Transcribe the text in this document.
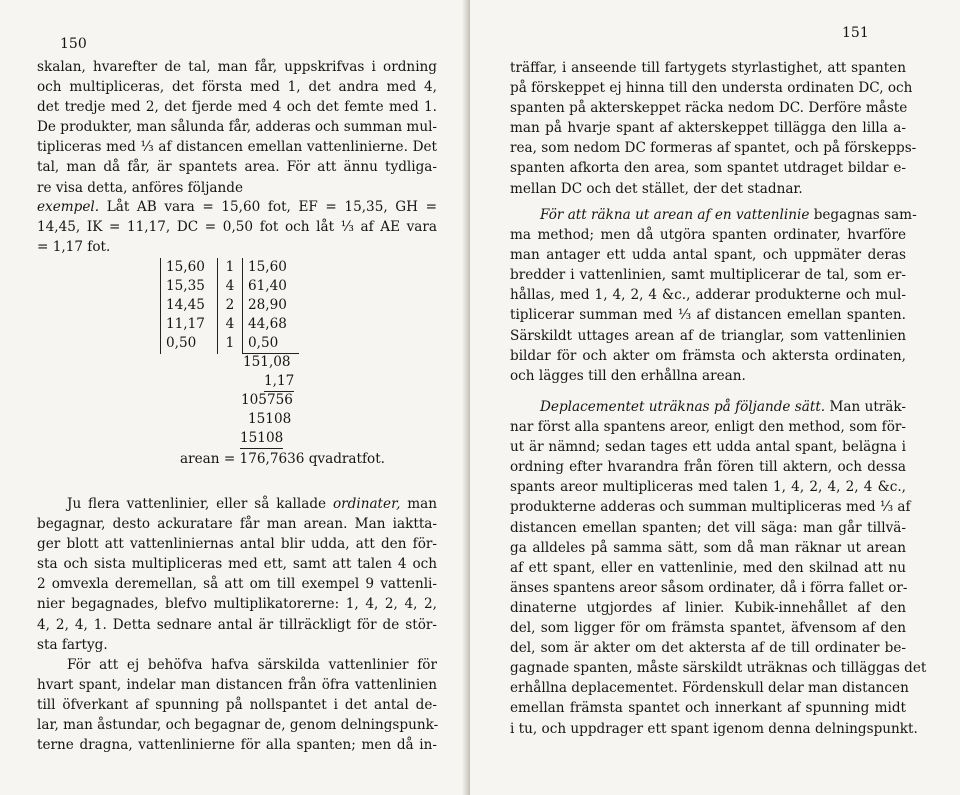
150
skalan, hvarefter de tal, man får, uppskrifvas i ordning
och multipliceras, det första med 1, det andra med 4,
det tredje med 2, det fjerde med 4 och det femte med 1.
De produkter, man sålunda får, adderas och summan mul-
tipliceras med ⅓ af distancen emellan vattenlinierne. Det
tal, man då får, är spantets area. För att ännu tydliga-
re visa detta, anföres följande
exempel. Låt AB vara = 15,60 fot, EF = 15,35, GH =
14,45, IK = 11,17, DC = 0,50 fot och låt ⅓ af AE vara
= 1,17 fot.
15,60	1	15,60
15,35	4	61,40
14,45	2	28,90
11,17	4	44,68
0,50	1	0,50
151,08
1,17
105756
15108
15108
arean = 176,7636 qvadratfot.
Ju flera vattenlinier, eller så kallade ordinater, man
begagnar, desto ackuratare får man arean. Man iaktta-
ger blott att vattenliniernas antal blir udda, att den för-
sta och sista multipliceras med ett, samt att talen 4 och
2 omvexla deremellan, så att om till exempel 9 vattenli-
nier begagnades, blefvo multiplikatorerne: 1, 4, 2, 4, 2,
4, 2, 4, 1. Detta sednare antal är tillräckligt för de stör-
sta fartyg.
För att ej behöfva hafva särskilda vattenlinier för
hvart spant, indelar man distancen från öfra vattenlinien
till öfverkant af spunning på nollspantet i det antal de-
lar, man åstundar, och begagnar de, genom delningspunk-
terne dragna, vattenlinierne för alla spanten; men då in-
151
träffar, i anseende till fartygets styrlastighet, att spanten
på förskeppet ej hinna till den understa ordinaten DC, och
spanten på akterskeppet räcka nedom DC. Derföre måste
man på hvarje spant af akterskeppet tillägga den lilla a-
rea, som nedom DC formeras af spantet, och på förskepps-
spanten afkorta den area, som spantet utdraget bildar e-
mellan DC och det stället, der det stadnar.
För att räkna ut arean af en vattenlinie begagnas sam-
ma method; men då utgöra spanten ordinater, hvarföre
man antager ett udda antal spant, och uppmäter deras
bredder i vattenlinien, samt multiplicerar de tal, som er-
hållas, med 1, 4, 2, 4 &c., adderar produkterne och mul-
tiplicerar summan med ⅓ af distancen emellan spanten.
Särskildt uttages arean af de trianglar, som vattenlinien
bildar för och akter om främsta och aktersta ordinaten,
och lägges till den erhållna arean.
Deplacementet uträknas på följande sätt. Man uträk-
nar först alla spantens areor, enligt den method, som för-
ut är nämnd; sedan tages ett udda antal spant, belägna i
ordning efter hvarandra från fören till aktern, och dessa
spants areor multipliceras med talen 1, 4, 2, 4, 2, 4 &c.,
produkterne adderas och summan multipliceras med ⅓ af
distancen emellan spanten; det vill säga: man går tillvä-
ga alldeles på samma sätt, som då man räknar ut arean
af ett spant, eller en vattenlinie, med den skilnad att nu
änses spantens areor såsom ordinater, då i förra fallet or-
dinaterne utgjordes af linier. Kubik-innehållet af den
del, som ligger för om främsta spantet, äfvensom af den
del, som är akter om det aktersta af de till ordinater be-
gagnade spanten, måste särskildt uträknas och tilläggas det
erhållna deplacementet. Fördenskull delar man distancen
emellan främsta spantet och innerkant af spunning midt
i tu, och uppdrager ett spant igenom denna delningspunkt.
